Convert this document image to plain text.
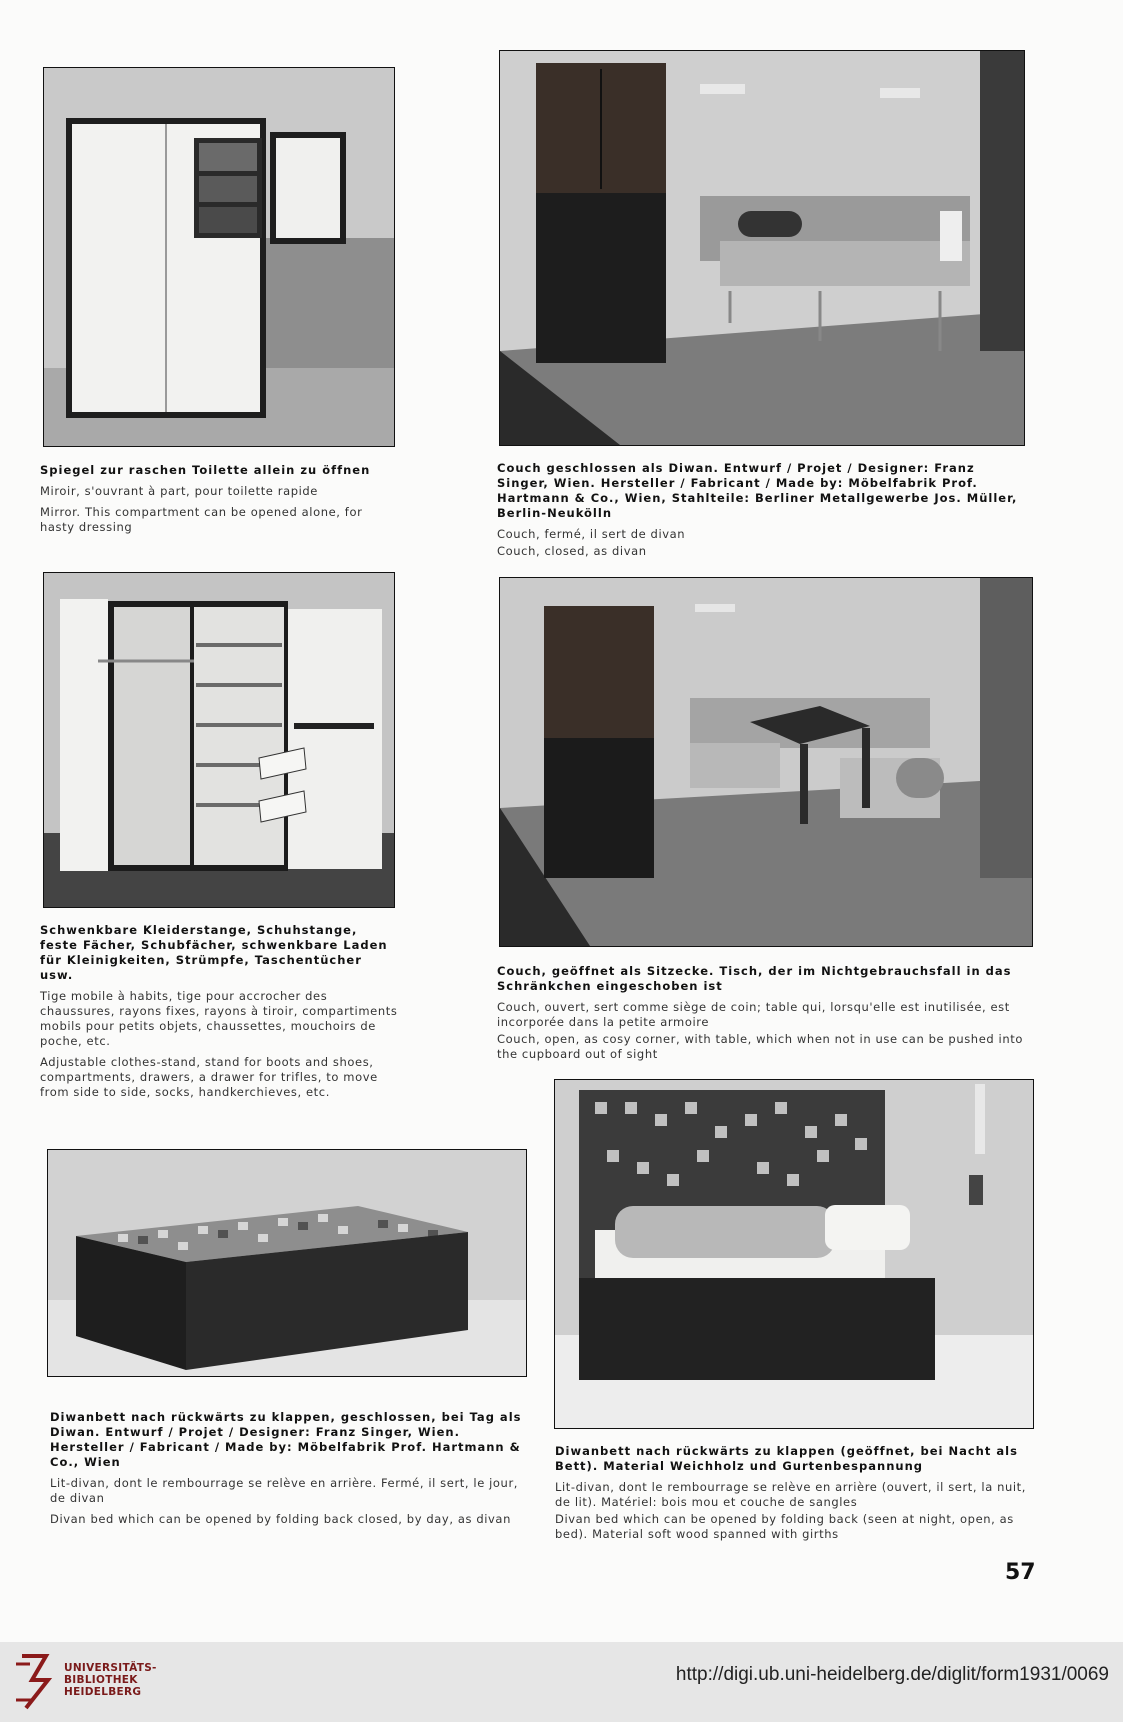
Spiegel zur raschen Toilette allein zu öffnen

Miroir, s'ouvrant à part, pour toilette rapide

Mirror. This compartment can be opened alone, for hasty dressing

Couch geschlossen als Diwan. Entwurf / Projet / Designer: Franz Singer, Wien. Hersteller / Fabricant / Made by: Möbelfabrik Prof. Hartmann & Co., Wien, Stahlteile: Berliner Metallgewerbe Jos. Müller, Berlin-Neukölln

Couch, fermé, il sert de divan

Couch, closed, as divan

Schwenkbare Kleiderstange, Schuhstange, feste Fächer, Schubfächer, schwenkbare Laden für Kleinigkeiten, Strümpfe, Taschentücher usw.

Tige mobile à habits, tige pour accrocher des chaussures, rayons fixes, rayons à tiroir, compartiments mobils pour petits objets, chaussettes, mouchoirs de poche, etc.

Adjustable clothes-stand, stand for boots and shoes, compartments, drawers, a drawer for trifles, to move from side to side, socks, handkerchieves, etc.

Couch, geöffnet als Sitzecke. Tisch, der im Nichtgebrauchsfall in das Schränkchen eingeschoben ist

Couch, ouvert, sert comme siège de coin; table qui, lorsqu'elle est inutilisée, est incorporée dans la petite armoire

Couch, open, as cosy corner, with table, which when not in use can be pushed into the cupboard out of sight

Diwanbett nach rückwärts zu klappen, geschlossen, bei Tag als Diwan. Entwurf / Projet / Designer: Franz Singer, Wien. Hersteller / Fabricant / Made by: Möbelfabrik Prof. Hartmann & Co., Wien

Lit-divan, dont le rembourrage se relève en arrière. Fermé, il sert, le jour, de divan

Divan bed which can be opened by folding back closed, by day, as divan

Diwanbett nach rückwärts zu klappen (geöffnet, bei Nacht als Bett). Material Weichholz und Gurtenbespannung

Lit-divan, dont le rembourrage se relève en arrière (ouvert, il sert, la nuit, de lit). Matériel: bois mou et couche de sangles

Divan bed which can be opened by folding back (seen at night, open, as bed). Material soft wood spanned with girths

57
UNIVERSITÄTS-
BIBLIOTHEK
HEIDELBERG
http://digi.ub.uni-heidelberg.de/diglit/form1931/0069
